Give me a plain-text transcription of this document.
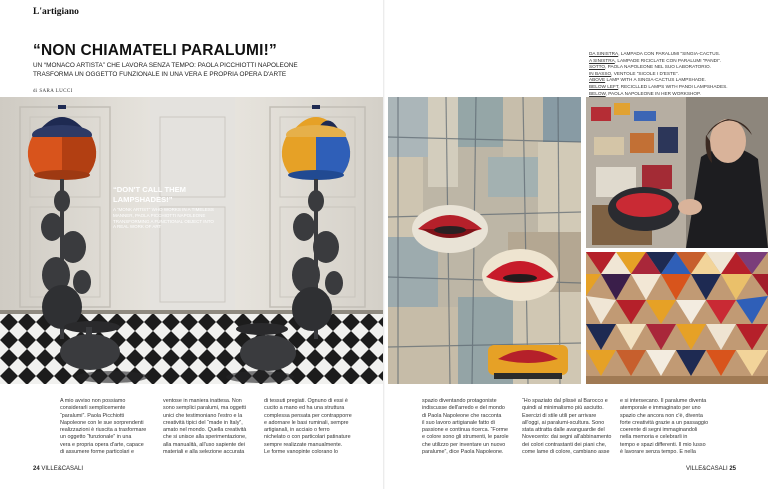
L'artigiano
“NON CHIAMATELI PARALUMI!”
UN “MONACO ARTISTA” CHE LAVORA SENZA TEMPO: PAOLA PICCHIOTTI NAPOLEONE
TRASFORMA UN OGGETTO FUNZIONALE IN UNA VERA E PROPRIA OPERA D'ARTE
di SARA LUCCI
DA SINISTRA, LAMPADA CON PARALUMI “SINGIA-CACTUS.
A SINISTRA, LAMPADE RICICLATE CON PARALUMI “PANDI”.
SOTTO, PAOLA NAPOLEONE NEL SUO LABORATORIO.
IN BASSO, VENTOLE “SICOLE I D'ESTE”.
ABOVE LAMP WITH A SINGIA-CACTUS LAMPSHADE.
BELOW LEFT, RECICLLED LAMPS WITH PANDI LAMPSHADES.
BELOW, PAOLA NAPOLEONE IN HER WORKSHOP.
“DON'T CALL THEM
LAMPSHADES!”
A “MONK ARTIST” WHO WORKS IN A TIMELESS
MANNER, PAOLA PICCHIOTTI NAPOLEONE
TRANSFORMING A FUNCTIONAL OBJECT INTO
A REAL WORK OF ART
A mio avviso non possiamo
considerarli semplicemente
“paralumi”. Paola Picchiotti
Napoleone con le sue sorprendenti
realizzazioni è riuscita a trasformare
un oggetto “funzionale” in una
vera e propria opera d'arte, capace
di assumere forme particolari e
ventose in maniera inattesa. Non
sono semplici paralumi, ma oggetti
unici che testimoniano l'estro e la
creatività tipici del “made in Italy”,
amato nel mondo. Quella creatività
che si unisce alla sperimentazione,
alla manualità, all'uso sapiente dei
materiali e alla selezione accurata
di tessuti pregiati. Ognuno di essi è
cucito a mano ed ha una struttura
complessa pensata per contrapporre
e adornare le basi ruminali, sempre
artigianali, in acciaio o ferro
nichelato o con particolari patinature
sempre realizzate manualmente.
Le forme vanopinte colorano lo
spazio diventando protagoniste
indiscusse dell'arredo e del mondo
di Paola Napoleone che racconta
il suo lavoro artigianale fatto di
passione e continua ricerca. “Forme
e colore sono gli strumenti, le parole
che utilizzo per inventare un nuovo
paralume”, dice Paola Napoleone.
“Ho spaziato dal plissé al Barocco e
quindi al minimalismo più asciutto.
Esercizi di stile utili per arrivare
all'oggi, ai paralumi-scultura. Sono
stata attratta dalle avanguardie del
Novecento: dai segni all'abbinamento
dei colori contrastanti dei piani che,
come lame di colore, cambiano asse
e si intersecano. Il paralume diventa
atemporale e immaginato per uno
spazio che ancora non c'è, diventa
forte creatività grazie a un passaggio
coerente di segni immaginandoli
nella memoria e celebrarli in
tempo e spazi differenti. Il mio lusso
è lavorare senza tempo. E nella
24 VILLE&CASALI	VILLE&CASALI 25
